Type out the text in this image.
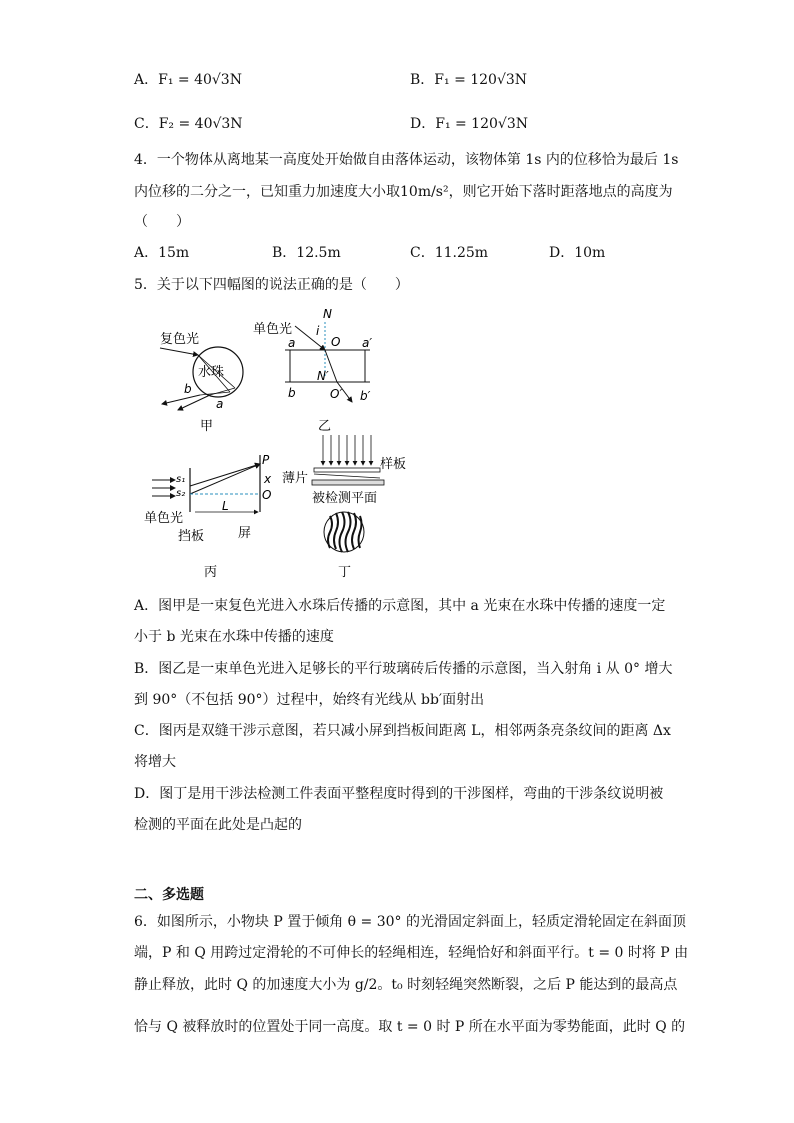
A．F₁ = 40√3N	B．F₁ = 120√3N
C．F₂ = 40√3N	D．F₁ = 120√3N
4．一个物体从离地某一高度处开始做自由落体运动，该物体第 1s 内的位移恰为最后 1s
内位移的二分之一，已知重力加速度大小取10m/s²，则它开始下落时距落地点的高度为
（　　）
A．15m	B．12.5m	C．11.25m	D．10m
5．关于以下四幅图的说法正确的是（　　）
复色光
水珠
b
a
甲
单色光
N
i
O
a	a′
N′
b	O′ b′
乙
P
x
O
s₁
s₂
L
单色光
挡板	屏
丙
薄片
样板
被检测平面
丁
A．图甲是一束复色光进入水珠后传播的示意图，其中 a 光束在水珠中传播的速度一定
小于 b 光束在水珠中传播的速度
B．图乙是一束单色光进入足够长的平行玻璃砖后传播的示意图，当入射角 i 从 0° 增大
到 90°（不包括 90°）过程中，始终有光线从 bb′面射出
C．图丙是双缝干涉示意图，若只减小屏到挡板间距离 L，相邻两条亮条纹间的距离 Δx
将增大
D．图丁是用干涉法检测工件表面平整程度时得到的干涉图样，弯曲的干涉条纹说明被
检测的平面在此处是凸起的
二、多选题
6．如图所示，小物块 P 置于倾角 θ = 30° 的光滑固定斜面上，轻质定滑轮固定在斜面顶
端，P 和 Q 用跨过定滑轮的不可伸长的轻绳相连，轻绳恰好和斜面平行。t = 0 时将 P 由
静止释放，此时 Q 的加速度大小为 g/2。t₀ 时刻轻绳突然断裂，之后 P 能达到的最高点
恰与 Q 被释放时的位置处于同一高度。取 t = 0 时 P 所在水平面为零势能面，此时 Q 的
